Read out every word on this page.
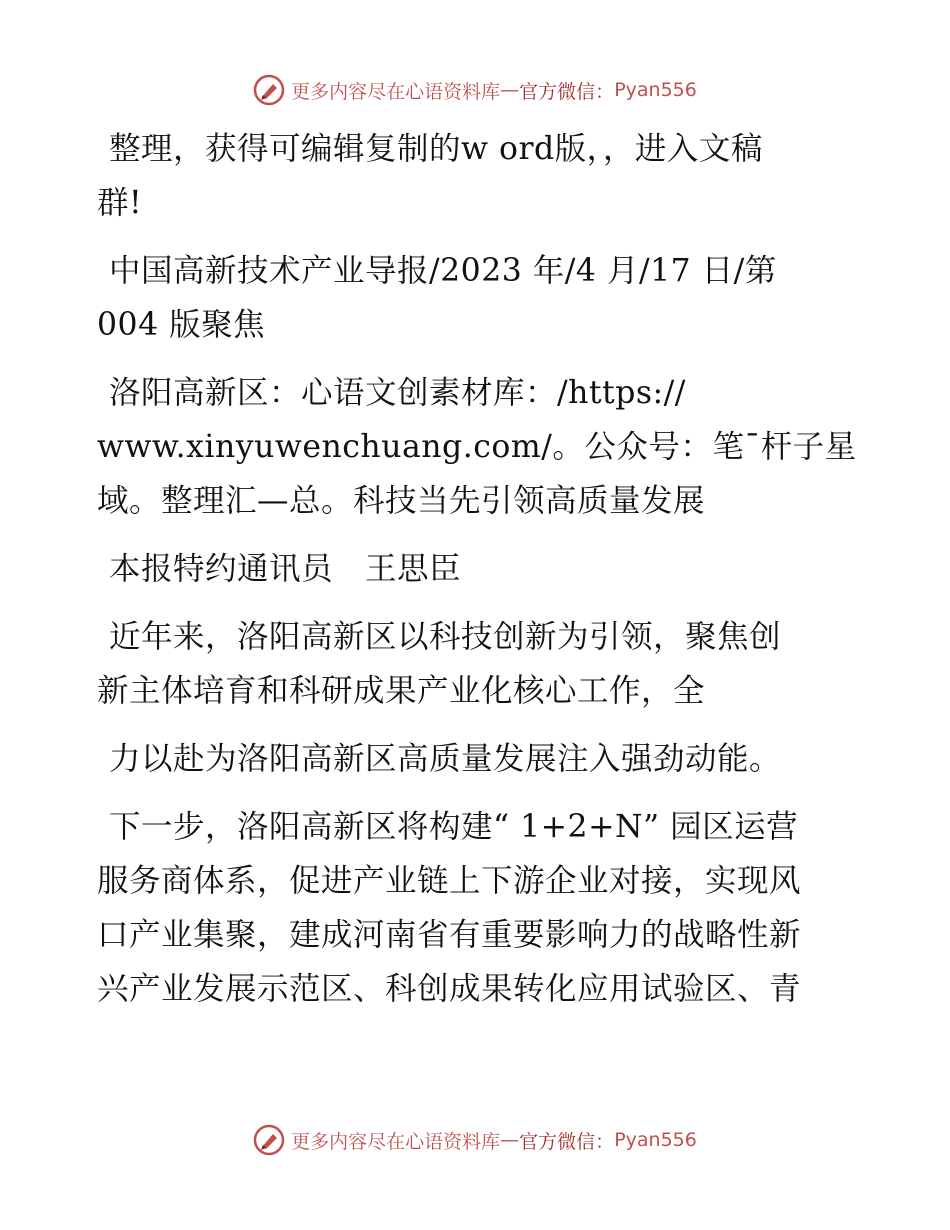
更多内容尽在心语资料库 — 官方微信： Pyan556

整理，获得可编辑复制的w ord版，，进入文稿
群!

中国高新技术产业导报/2023 年/4 月/17 日/第
004 版聚焦

洛阳高新区：心语文创素材库：/https://
www.xinyuwenchuang.com/。公众号：笔¯杆子星
域。整理汇—总。科技当先引领高质量发展

本报特约通讯员　王思臣

近年来，洛阳高新区以科技创新为引领，聚焦创
新主体培育和科研成果产业化核心工作，全

力以赴为洛阳高新区高质量发展注入强劲动能。

下一步，洛阳高新区将构建“ 1+2+N” 园区运营
服务商体系，促进产业链上下游企业对接，实现风
口产业集聚，建成河南省有重要影响力的战略性新
兴产业发展示范区、科创成果转化应用试验区、青

更多内容尽在心语资料库 — 官方微信： Pyan556
